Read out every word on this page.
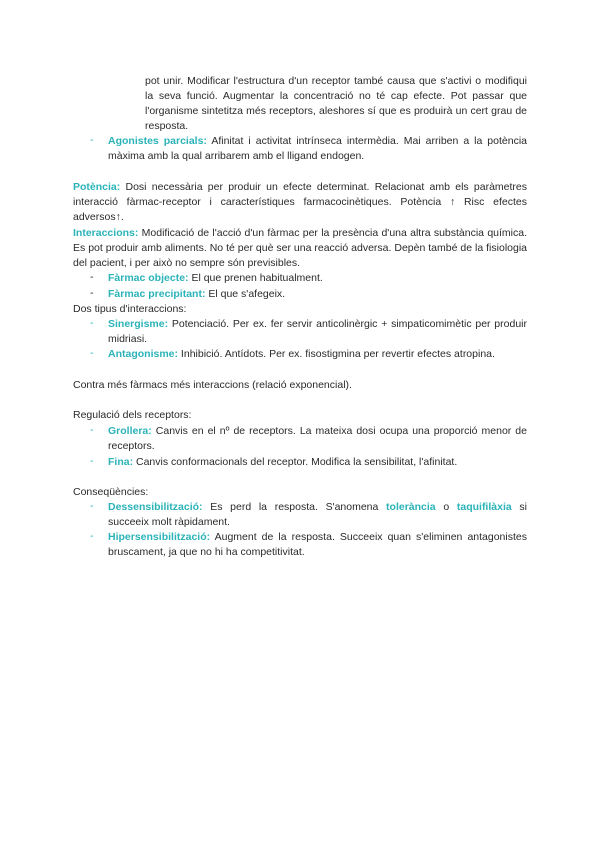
pot unir. Modificar l'estructura d'un receptor també causa que s'activi o modifiqui la seva funció. Augmentar la concentració no té cap efecte. Pot passar que l'organisme sintetitza més receptors, aleshores sí que es produirà un cert grau de resposta.

- Agonistes parcials: Afinitat i activitat intrínseca intermèdia. Mai arriben a la potència màxima amb la qual arribarem amb el lligand endogen.

Potència: Dosi necessària per produir un efecte determinat. Relacionat amb els paràmetres interacció fàrmac-receptor i característiques farmacocinètiques. Potència ↑ Risc efectes adversos↑.

Interaccions: Modificació de l'acció d'un fàrmac per la presència d'una altra substància química. Es pot produir amb aliments. No té per què ser una reacció adversa. Depèn també de la fisiologia del pacient, i per això no sempre són previsibles.

- Fàrmac objecte: El que prenen habitualment.

- Fàrmac precipitant: El que s'afegeix.

Dos tipus d'interaccions:

- Sinergisme: Potenciació. Per ex. fer servir anticolinèrgic + simpaticomimètic per produir midriasi.

- Antagonisme: Inhibició. Antídots. Per ex. fisostigmina per revertir efectes atropina.

Contra més fàrmacs més interaccions (relació exponencial).

Regulació dels receptors:

- Grollera: Canvis en el nº de receptors. La mateixa dosi ocupa una proporció menor de receptors.

- Fina: Canvis conformacionals del receptor. Modifica la sensibilitat, l'afinitat.

Conseqüències:

- Dessensibilització: Es perd la resposta. S'anomena tolerància o taquifilàxia si succeeix molt ràpidament.

- Hipersensibilització: Augment de la resposta. Succeeix quan s'eliminen antagonistes bruscament, ja que no hi ha competitivitat.
